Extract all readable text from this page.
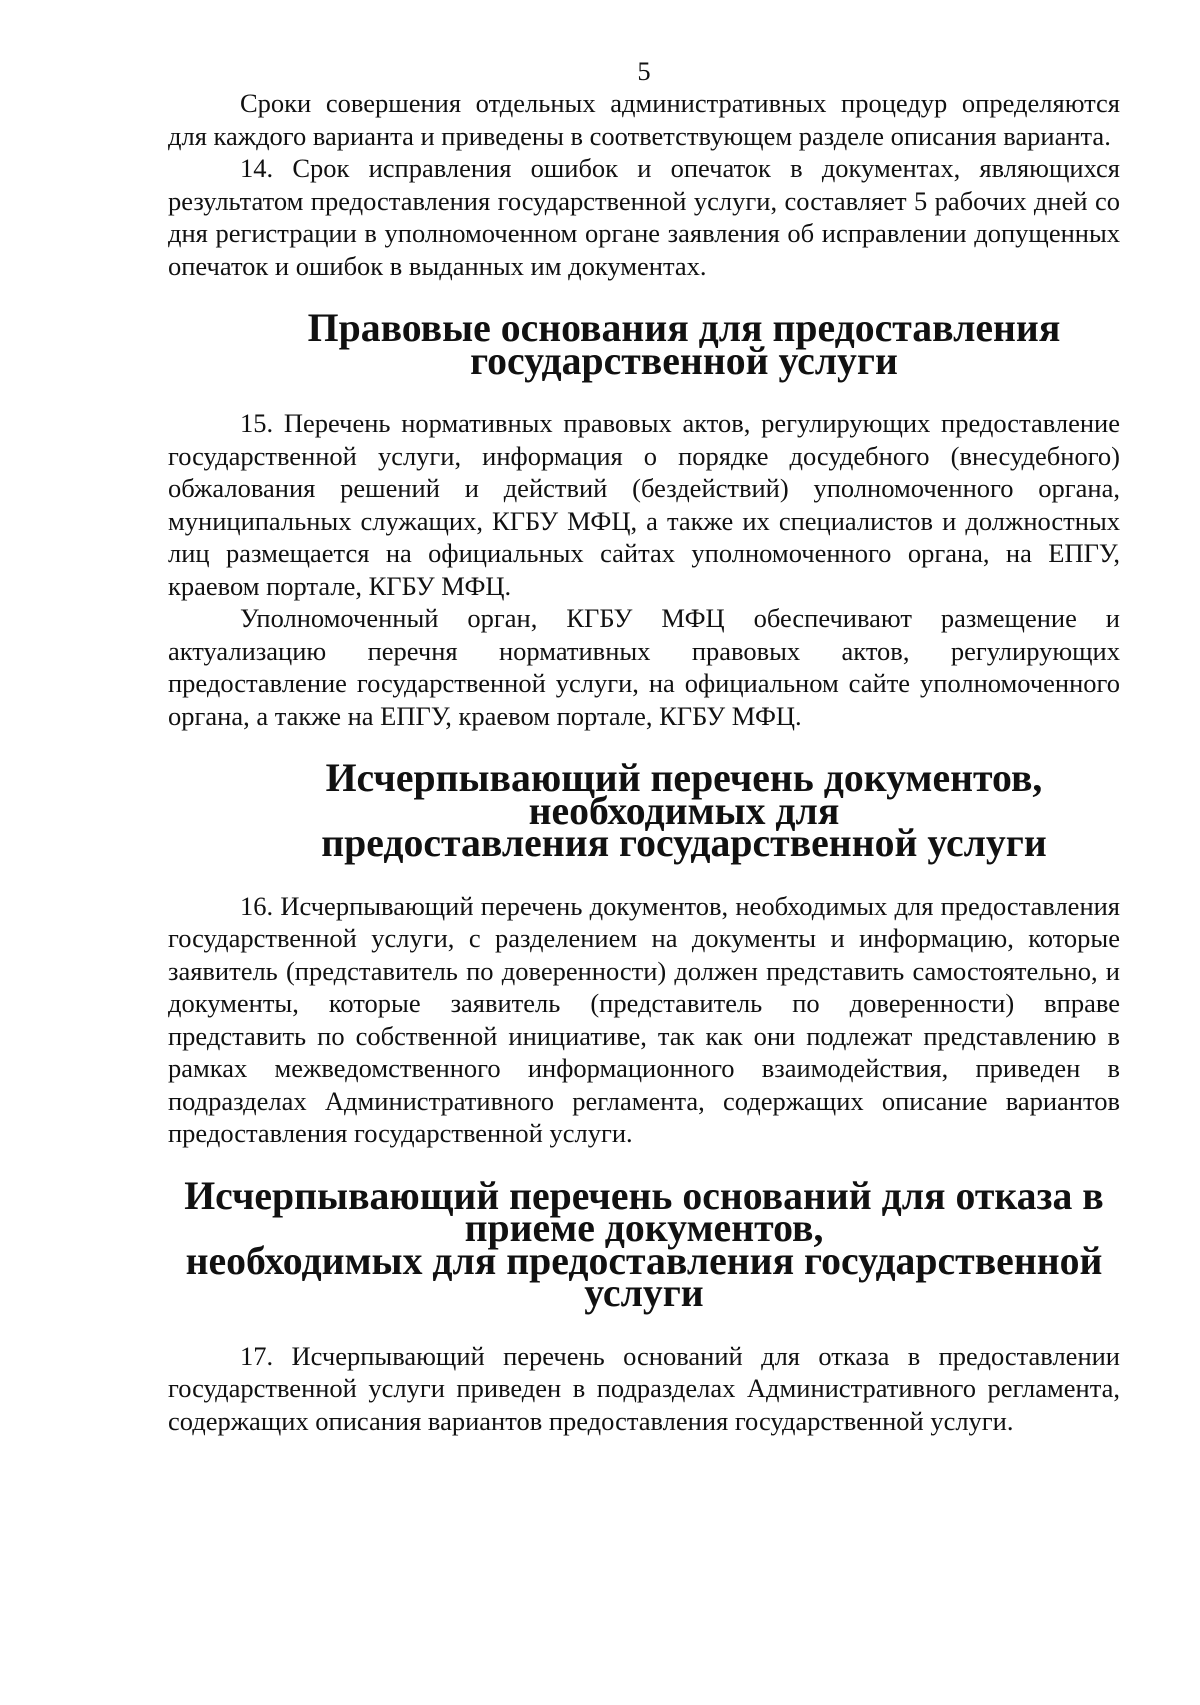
5

Сроки совершения отдельных административных процедур определяются для каждого варианта и приведены в соответствующем разделе описания варианта.

14. Срок исправления ошибок и опечаток в документах, являющихся результатом предоставления государственной услуги, составляет 5 рабочих дней со дня регистрации в уполномоченном органе заявления об исправлении допущенных опечаток и ошибок в выданных им документах.

Правовые основания для предоставления государственной услуги

15. Перечень нормативных правовых актов, регулирующих предоставление государственной услуги, информация о порядке досудебного (внесудебного) обжалования решений и действий (бездействий) уполномоченного органа, муниципальных служащих, КГБУ МФЦ, а также их специалистов и должностных лиц размещается на официальных сайтах уполномоченного органа, на ЕПГУ, краевом портале, КГБУ МФЦ.

Уполномоченный орган, КГБУ МФЦ обеспечивают размещение и актуализацию перечня нормативных правовых актов, регулирующих предоставление государственной услуги, на официальном сайте уполномоченного органа, а также на ЕПГУ, краевом портале, КГБУ МФЦ.

Исчерпывающий перечень документов, необходимых для
предоставления государственной услуги

16. Исчерпывающий перечень документов, необходимых для предоставления государственной услуги, с разделением на документы и информацию, которые заявитель (представитель по доверенности) должен представить самостоятельно, и документы, которые заявитель (представитель по доверенности) вправе представить по собственной инициативе, так как они подлежат представлению в рамках межведомственного информационного взаимодействия, приведен в подразделах Административного регламента, содержащих описание вариантов предоставления государственной услуги.

Исчерпывающий перечень оснований для отказа в приеме документов,
необходимых для предоставления государственной услуги

17. Исчерпывающий перечень оснований для отказа в предоставлении государственной услуги приведен в подразделах Административного регламента, содержащих описания вариантов предоставления государственной услуги.
